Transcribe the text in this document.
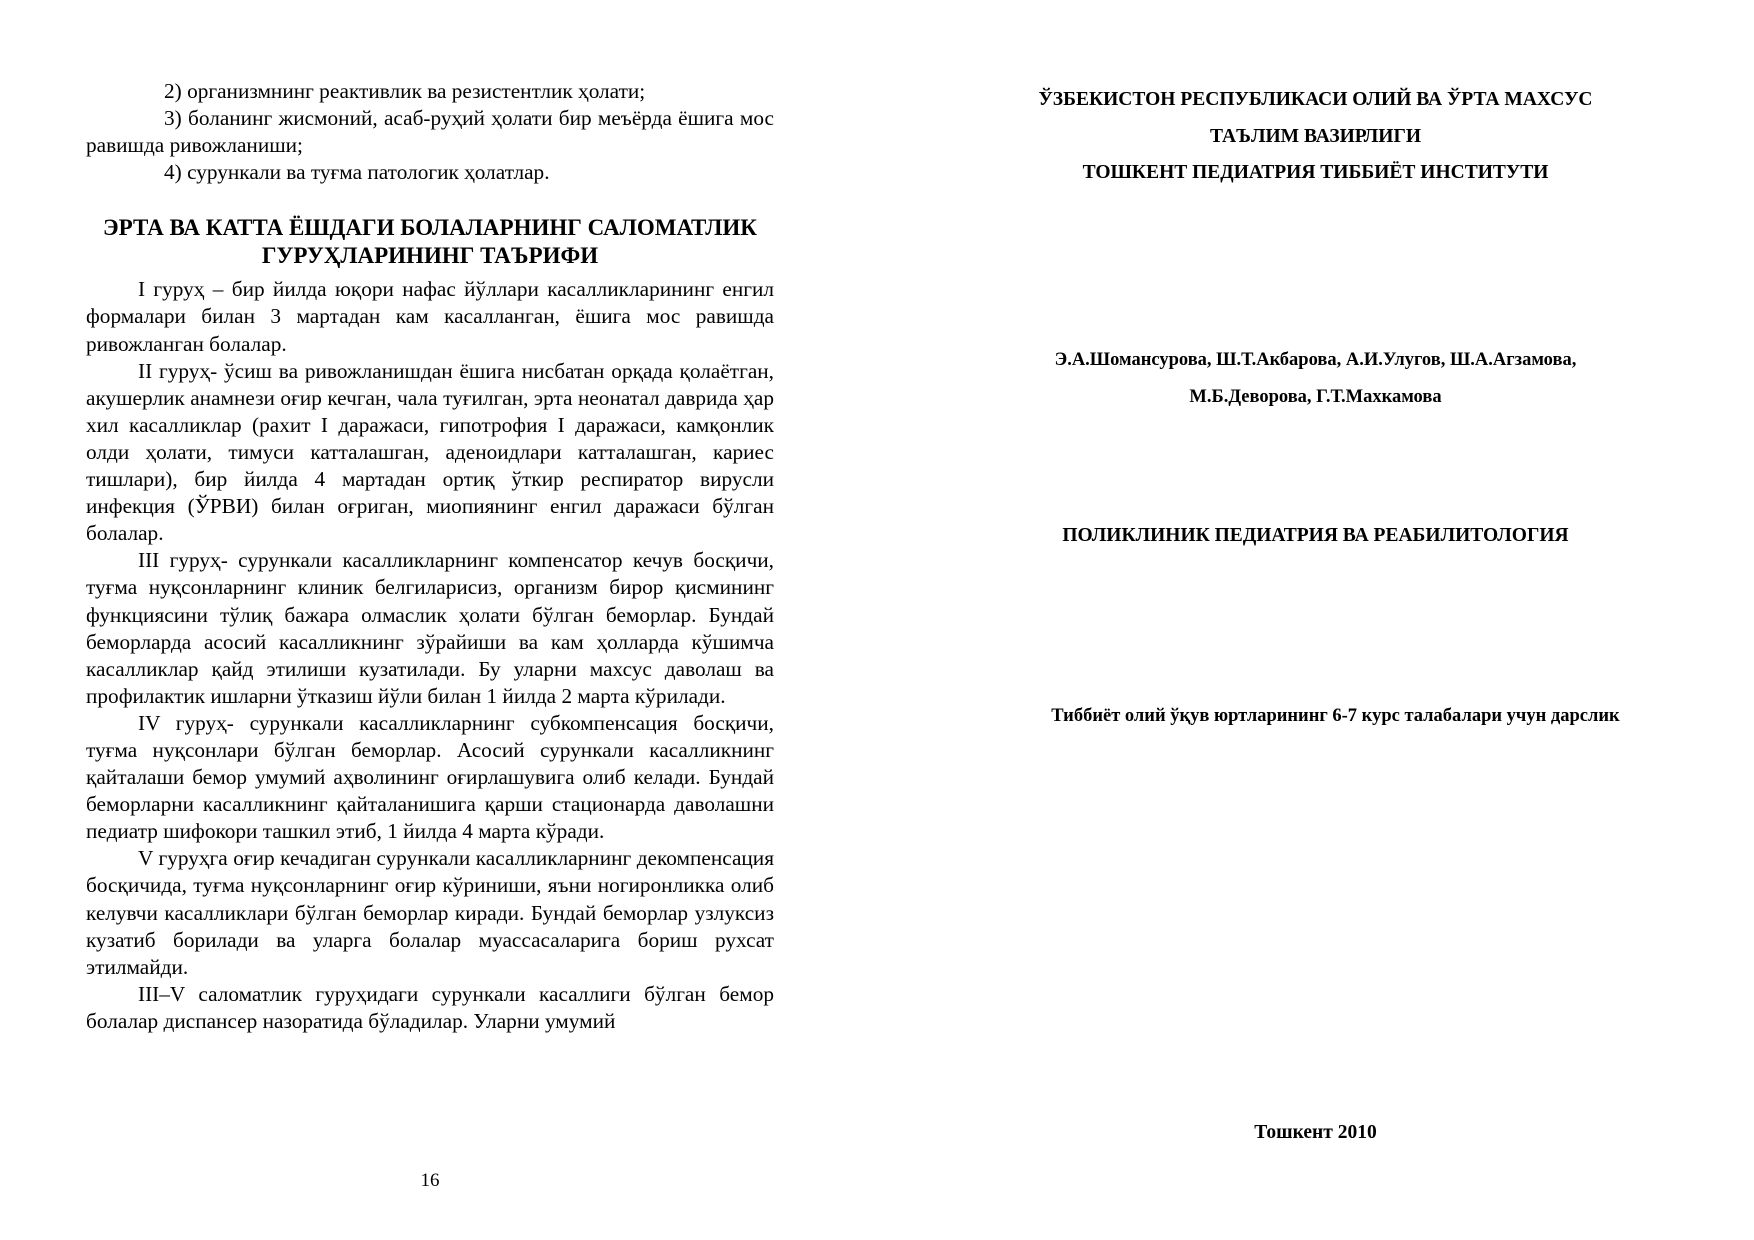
2) организмнинг реактивлик ва резистентлик ҳолати;

3) боланинг жисмоний, асаб-руҳий ҳолати бир меъёрда ёшига мос равишда ривожланиши;

4) сурункали ва туғма патологик ҳолатлар.

ЭРТА ВА КАТТА ЁШДАГИ БОЛАЛАРНИНГ САЛОМАТЛИК
ГУРУҲЛАРИНИНГ ТАЪРИФИ

I гуруҳ – бир йилда юқори нафас йўллари касалликларининг енгил формалари билан 3 мартадан кам касалланган, ёшига мос равишда ривожланган болалар.

II гуруҳ- ўсиш ва ривожланишдан ёшига нисбатан орқада қолаётган, акушерлик анамнези оғир кечган, чала туғилган, эрта неонатал даврида ҳар хил касалликлар (рахит I даражаси, гипотрофия I даражаси, камқонлик олди ҳолати, тимуси катталашган, аденоидлари катталашган, кариес тишлари), бир йилда 4 мартадан ортиқ ўткир респиратор вирусли инфекция (ЎРВИ) билан оғриган, миопиянинг енгил даражаси бўлган болалар.

III гуруҳ- сурункали касалликларнинг компенсатор кечув босқичи, туғма нуқсонларнинг клиник белгиларисиз, организм бирор қисмининг функциясини тўлиқ бажара олмаслик ҳолати бўлган беморлар. Бундай беморларда асосий касалликнинг зўрайиши ва кам ҳолларда кўшимча касалликлар қайд этилиши кузатилади. Бу уларни махсус даволаш ва профилактик ишларни ўтказиш йўли билан 1 йилда 2 марта кўрилади.

IV гуруҳ- сурункали касалликларнинг субкомпенсация босқичи, туғма нуқсонлари бўлган беморлар. Асосий сурункали касалликнинг қайталаши бемор умумий аҳволининг оғирлашувига олиб келади. Бундай беморларни касалликнинг қайталанишига қарши стационарда даволашни педиатр шифокори ташкил этиб, 1 йилда 4 марта кўради.

V гуруҳга оғир кечадиган сурункали касалликларнинг декомпенсация босқичида, туғма нуқсонларнинг оғир кўриниши, яъни ногиронликка олиб келувчи касалликлари бўлган беморлар киради. Бундай беморлар узлуксиз кузатиб борилади ва уларга болалар муассасаларига бориш рухсат этилмайди.

III–V саломатлик гуруҳидаги сурункали касаллиги бўлган бемор болалар диспансер назоратида бўладилар. Уларни умумий

16
ЎЗБЕКИСТОН РЕСПУБЛИКАСИ ОЛИЙ ВА ЎРТА МАХСУС
ТАЪЛИМ ВАЗИРЛИГИ
ТОШКЕНТ ПЕДИАТРИЯ ТИББИЁТ ИНСТИТУТИ
Э.А.Шомансурова, Ш.Т.Акбарова, А.И.Улугов, Ш.А.Агзамова,
М.Б.Деворова, Г.Т.Махкамова
ПОЛИКЛИНИК ПЕДИАТРИЯ ВА РЕАБИЛИТОЛОГИЯ
Тиббиёт олий ўқув юртларининг 6-7 курс талабалари учун дарслик
Тошкент 2010
